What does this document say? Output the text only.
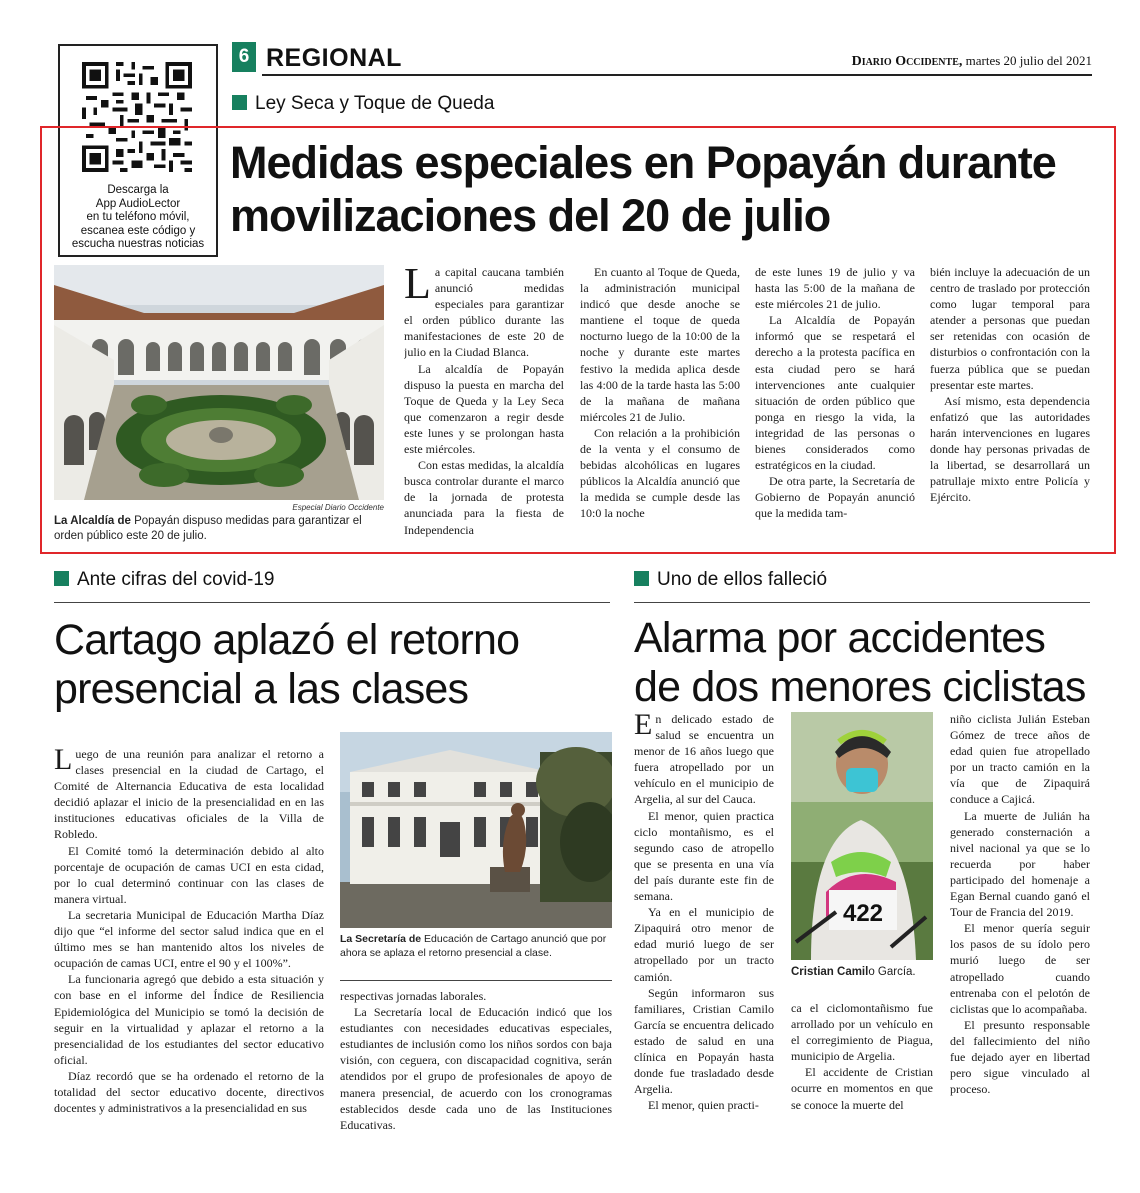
Descarga la
App AudioLector
en tu teléfono móvil,
escanea este código y
escucha nuestras noticias
6 REGIONAL	Diario Occidente, martes 20 julio del 2021
Ley Seca y Toque de Queda
Medidas especiales en Popayán durante movilizaciones del 20 de julio
Especial Diario Occidente
La Alcaldía de Popayán dispuso medidas para garantizar el orden público este 20 de julio.

La capital caucana también anunció medidas especiales para garantizar el orden público durante las manifestaciones de este 20 de julio en la Ciudad Blanca.

La alcaldía de Popayán dispuso la puesta en marcha del Toque de Queda y la Ley Seca que comenzaron a regir desde este lunes y se prolongan hasta este miércoles.

Con estas medidas, la alcaldía busca controlar durante el marco de la jornada de protesta anunciada para la fiesta de Independencia

En cuanto al Toque de Queda, la administración municipal indicó que desde anoche se mantiene el toque de queda nocturno luego de la 10:00 de la noche y durante este martes festivo la medida aplica desde las 4:00 de la tarde hasta las 5:00 de la mañana de mañana miércoles 21 de Julio.

Con relación a la prohibición de la venta y el consumo de bebidas alcohólicas en lugares públicos la Alcaldía anunció que la medida se cumple desde las 10:0 la noche

de este lunes 19 de julio y va hasta las 5:00 de la mañana de este miércoles 21 de julio.

La Alcaldía de Popayán informó que se respetará el derecho a la protesta pacífica en esta ciudad pero se hará intervenciones ante cualquier situación de orden público que ponga en riesgo la vida, la integridad de las personas o bienes considerados como estratégicos en la ciudad.

De otra parte, la Secretaría de Gobierno de Popayán anunció que la medida tam-

bién incluye la adecuación de un centro de traslado por protección como lugar temporal para atender a personas que puedan ser retenidas con ocasión de disturbios o confrontación con la fuerza pública que se puedan presentar este martes.

Así mismo, esta dependencia enfatizó que las autoridades harán intervenciones en lugares donde hay personas privadas de la libertad, se desarrollará un patrullaje mixto entre Policía y Ejército.

Ante cifras del covid-19
Cartago aplazó el retorno presencial a las clases

Luego de una reunión para analizar el retorno a clases presencial en la ciudad de Cartago, el Comité de Alternancia Educativa de esta localidad decidió aplazar el inicio de la presencialidad en en las instituciones educativas oficiales de la Villa de Robledo.

El Comité tomó la determinación debido al alto porcentaje de ocupación de camas UCI en esta cidad, por lo cual determinó continuar con las clases de manera virtual.

La secretaria Municipal de Educación Martha Díaz dijo que “el informe del sector salud indica que en el último mes se han mantenido altos los niveles de ocupación de camas UCI, entre el 90 y el 100%”.

La funcionaria agregó que debido a esta situación y con base en el informe del Índice de Resiliencia Epidemiológica del Municipio se tomó la decisión de seguir en la virtualidad y aplazar el retorno a la presencialidad de los estudiantes del sector educativo oficial.

Díaz recordó que se ha ordenado el retorno de la totalidad del sector educativo docente, directivos docentes y administrativos a la presencialidad en sus

La Secretaría de Educación de Cartago anunció que por ahora se aplaza el retorno presencial a clase.

respectivas jornadas laborales.

La Secretaría local de Educación indicó que los estudiantes con necesidades educativas especiales, estudiantes de inclusión como los niños sordos con baja visión, con ceguera, con discapacidad cognitiva, serán atendidos por el grupo de profesionales de apoyo de manera presencial, de acuerdo con los cronogramas establecidos desde cada uno de las Instituciones Educativas.

Uno de ellos falleció
Alarma por accidentes de dos menores ciclistas

En delicado estado de salud se encuentra un menor de 16 años luego que fuera atropellado por un vehículo en el municipio de Argelia, al sur del Cauca.

El menor, quien practica ciclo montañismo, es el segundo caso de atropello que se presenta en una vía del país durante este fin de semana.

Ya en el municipio de Zipaquirá otro menor de edad murió luego de ser atropellado por un tracto camión.

Según informaron sus familiares, Cristian Camilo García se encuentra delicado estado de salud en una clínica en Popayán hasta donde fue trasladado desde Argelia.

El menor, quien practi-

422
Cristian Camilo García.

ca el ciclomontañismo fue arrollado por un vehículo en el corregimiento de Piagua, municipio de Argelia.

El accidente de Cristian ocurre en momentos en que se conoce la muerte del

niño ciclista Julián Esteban Gómez de trece años de edad quien fue atropellado por un tracto camión en la vía que de Zipaquirá conduce a Cajicá.

La muerte de Julián ha generado consternación a nivel nacional ya que se lo recuerda por haber participado del homenaje a Egan Bernal cuando ganó el Tour de Francia del 2019.

El menor quería seguir los pasos de su ídolo pero murió luego de ser atropellado cuando entrenaba con el pelotón de ciclistas que lo acompañaba.

El presunto responsable del fallecimiento del niño fue dejado ayer en libertad pero sigue vinculado al proceso.
